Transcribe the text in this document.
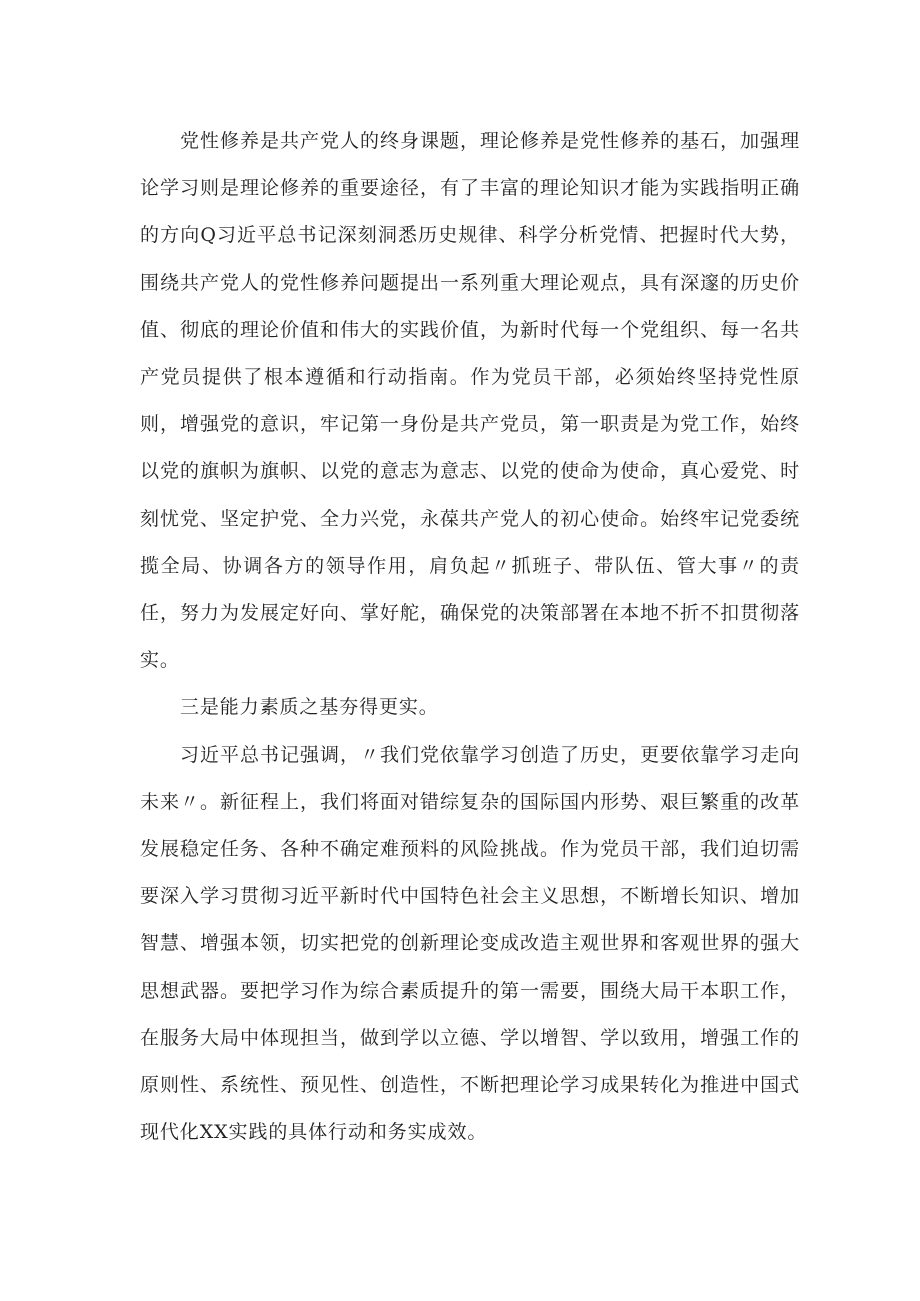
党性修养是共产党人的终身课题，理论修养是党性修养的基石，加强理论学习则是理论修养的重要途径，有了丰富的理论知识才能为实践指明正确的方向Q习近平总书记深刻洞悉历史规律、科学分析党情、把握时代大势，围绕共产党人的党性修养问题提出一系列重大理论观点，具有深邃的历史价值、彻底的理论价值和伟大的实践价值，为新时代每一个党组织、每一名共产党员提供了根本遵循和行动指南。作为党员干部，必须始终坚持党性原则，增强党的意识，牢记第一身份是共产党员，第一职责是为党工作，始终以党的旗帜为旗帜、以党的意志为意志、以党的使命为使命，真心爱党、时刻忧党、坚定护党、全力兴党，永葆共产党人的初心使命。始终牢记党委统揽全局、协调各方的领导作用，肩负起〃抓班子、带队伍、管大事〃的责任，努力为发展定好向、掌好舵，确保党的决策部署在本地不折不扣贯彻落实。

三是能力素质之基夯得更实。

习近平总书记强调，〃我们党依靠学习创造了历史，更要依靠学习走向未来〃。新征程上，我们将面对错综复杂的国际国内形势、艰巨繁重的改革发展稳定任务、各种不确定难预料的风险挑战。作为党员干部，我们迫切需要深入学习贯彻习近平新时代中国特色社会主义思想，不断增长知识、增加智慧、增强本领，切实把党的创新理论变成改造主观世界和客观世界的强大思想武器。要把学习作为综合素质提升的第一需要，围绕大局干本职工作，在服务大局中体现担当，做到学以立德、学以增智、学以致用，增强工作的原则性、系统性、预见性、创造性，不断把理论学习成果转化为推进中国式现代化XX实践的具体行动和务实成效。
